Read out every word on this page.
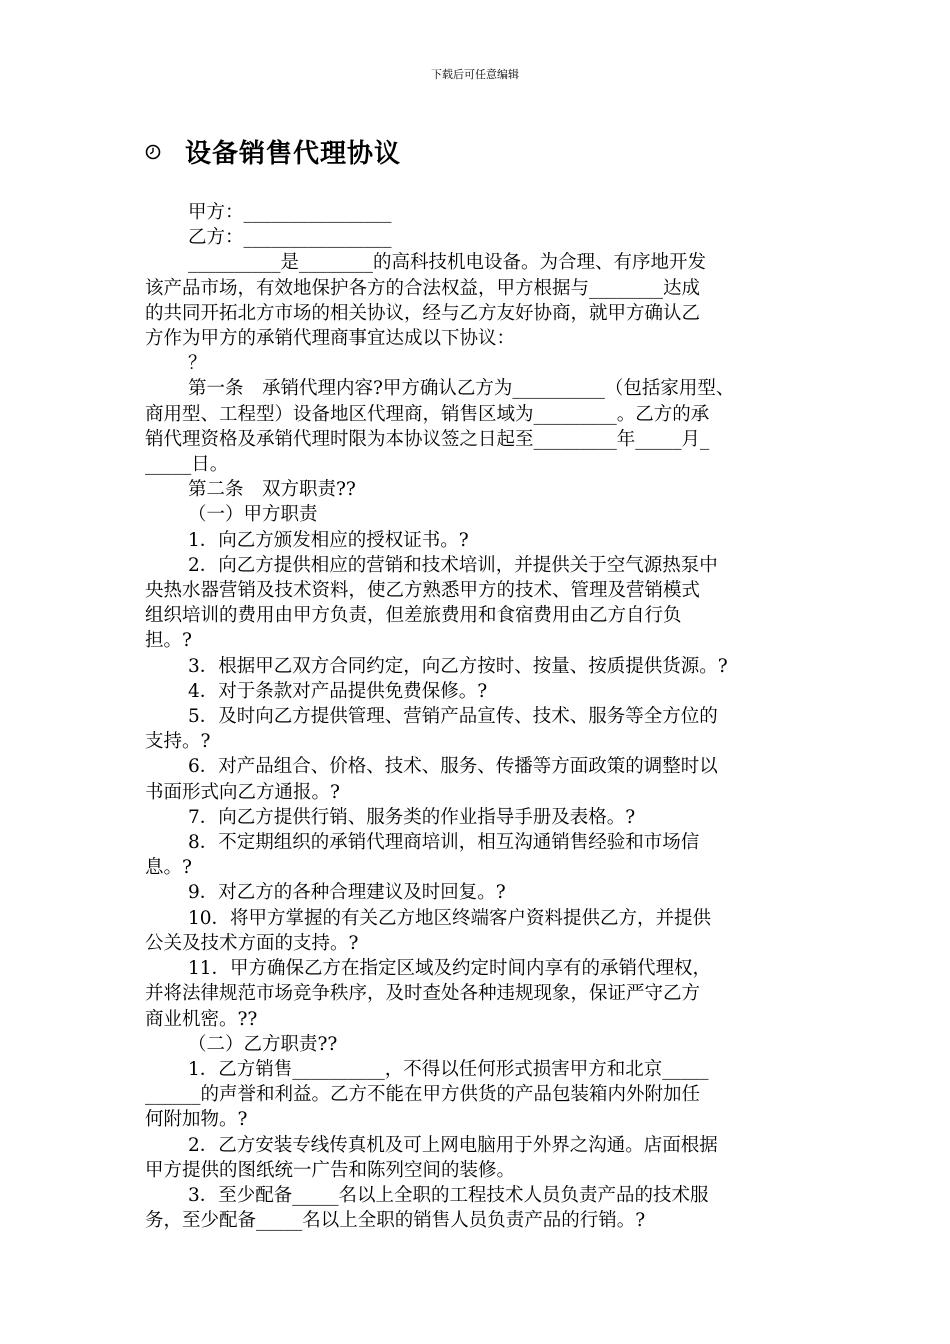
下载后可任意编辑
设备销售代理协议
甲方：________________
乙方：________________
__________是________的高科技机电设备。为合理、有序地开发
该产品市场，有效地保护各方的合法权益，甲方根据与________达成
的共同开拓北方市场的相关协议，经与乙方友好协商，就甲方确认乙
方作为甲方的承销代理商事宜达成以下协议：
？
第一条　承销代理内容?甲方确认乙方为__________（包括家用型、
商用型、工程型）设备地区代理商，销售区域为_________。乙方的承
销代理资格及承销代理时限为本协议签之日起至_________年_____月_
_____日。
第二条　双方职责??
（一）甲方职责
1．向乙方颁发相应的授权证书。?
2．向乙方提供相应的营销和技术培训，并提供关于空气源热泵中
央热水器营销及技术资料，使乙方熟悉甲方的技术、管理及营销模式
组织培训的费用由甲方负责，但差旅费用和食宿费用由乙方自行负
担。?
3．根据甲乙双方合同约定，向乙方按时、按量、按质提供货源。?
4．对于条款对产品提供免费保修。?
5．及时向乙方提供管理、营销产品宣传、技术、服务等全方位的
支持。?
6．对产品组合、价格、技术、服务、传播等方面政策的调整时以
书面形式向乙方通报。?
7．向乙方提供行销、服务类的作业指导手册及表格。?
8．不定期组织的承销代理商培训，相互沟通销售经验和市场信
息。?
9．对乙方的各种合理建议及时回复。?
10．将甲方掌握的有关乙方地区终端客户资料提供乙方，并提供
公关及技术方面的支持。?
11．甲方确保乙方在指定区域及约定时间内享有的承销代理权，
并将法律规范市场竞争秩序，及时查处各种违规现象，保证严守乙方
商业机密。??
（二）乙方职责??
1．乙方销售__________，不得以任何形式损害甲方和北京_____
______的声誉和利益。乙方不能在甲方供货的产品包装箱内外附加任
何附加物。?
2．乙方安装专线传真机及可上网电脑用于外界之沟通。店面根据
甲方提供的图纸统一广告和陈列空间的装修。
3．至少配备_____名以上全职的工程技术人员负责产品的技术服
务，至少配备_____名以上全职的销售人员负责产品的行销。?
